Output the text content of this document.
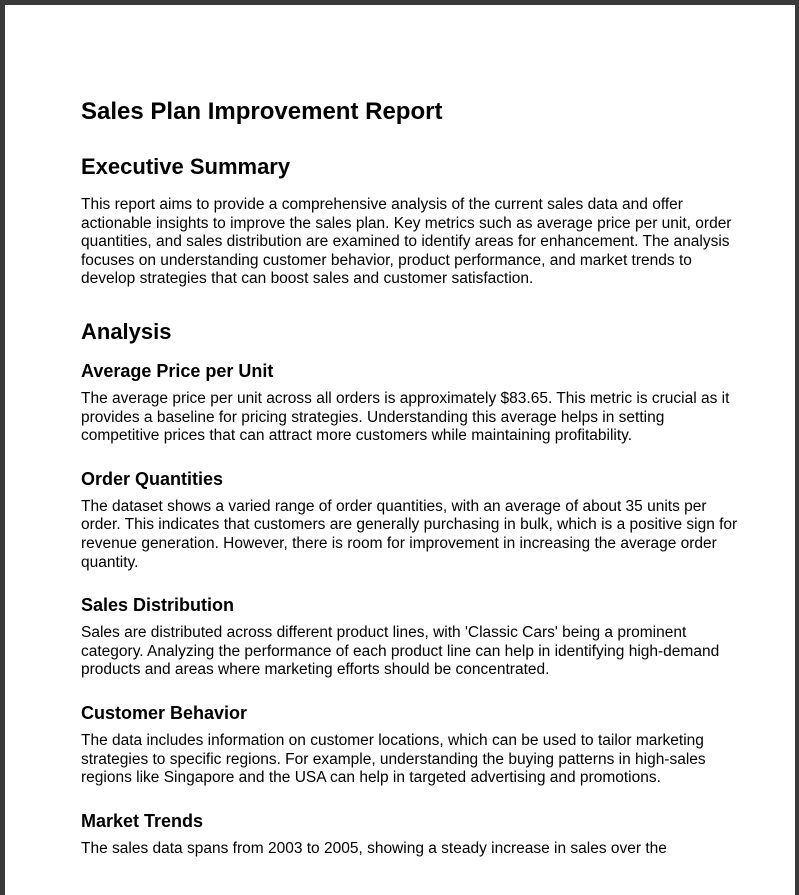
Sales Plan Improvement Report
Executive Summary

This report aims to provide a comprehensive analysis of the current sales data and offer actionable insights to improve the sales plan. Key metrics such as average price per unit, order quantities, and sales distribution are examined to identify areas for enhancement. The analysis focuses on understanding customer behavior, product performance, and market trends to develop strategies that can boost sales and customer satisfaction.

Analysis
Average Price per Unit

The average price per unit across all orders is approximately $83.65. This metric is crucial as it provides a baseline for pricing strategies. Understanding this average helps in setting competitive prices that can attract more customers while maintaining profitability.

Order Quantities

The dataset shows a varied range of order quantities, with an average of about 35 units per order. This indicates that customers are generally purchasing in bulk, which is a positive sign for revenue generation. However, there is room for improvement in increasing the average order quantity.

Sales Distribution

Sales are distributed across different product lines, with 'Classic Cars' being a prominent category. Analyzing the performance of each product line can help in identifying high-demand products and areas where marketing efforts should be concentrated.

Customer Behavior

The data includes information on customer locations, which can be used to tailor marketing strategies to specific regions. For example, understanding the buying patterns in high-sales regions like Singapore and the USA can help in targeted advertising and promotions.

Market Trends

The sales data spans from 2003 to 2005, showing a steady increase in sales over the
